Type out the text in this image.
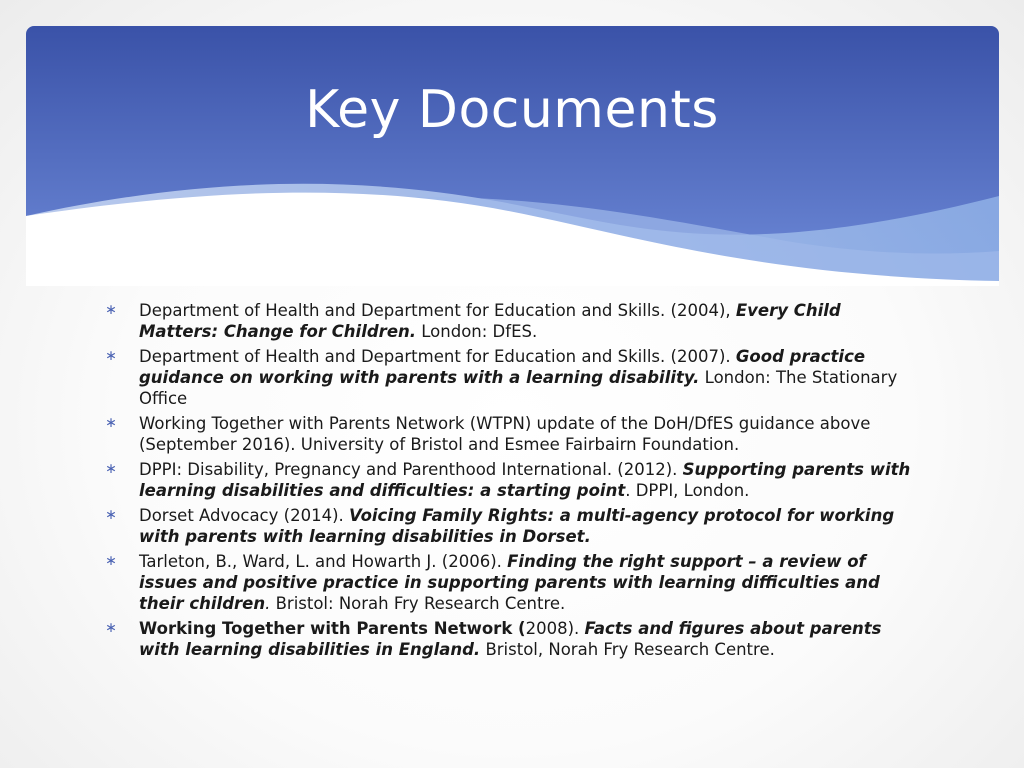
Key Documents
∗ Department of Health and Department for Education and Skills. (2004), Every Child Matters: Change for Children. London: DfES.
∗ Department of Health and Department for Education and Skills. (2007). Good practice guidance on working with parents with a learning disability. London: The Stationary Office
∗ Working Together with Parents Network (WTPN) update of the DoH/DfES guidance above (September 2016). University of Bristol and Esmee Fairbairn Foundation.
∗ DPPI: Disability, Pregnancy and Parenthood International. (2012). Supporting parents with learning disabilities and difficulties: a starting point. DPPI, London.
∗ Dorset Advocacy (2014). Voicing Family Rights: a multi-agency protocol for working with parents with learning disabilities in Dorset.
∗ Tarleton, B., Ward, L. and Howarth J. (2006). Finding the right support – a review of issues and positive practice in supporting parents with learning difficulties and their children. Bristol: Norah Fry Research Centre.
∗ Working Together with Parents Network (2008). Facts and figures about parents with learning disabilities in England. Bristol, Norah Fry Research Centre.
